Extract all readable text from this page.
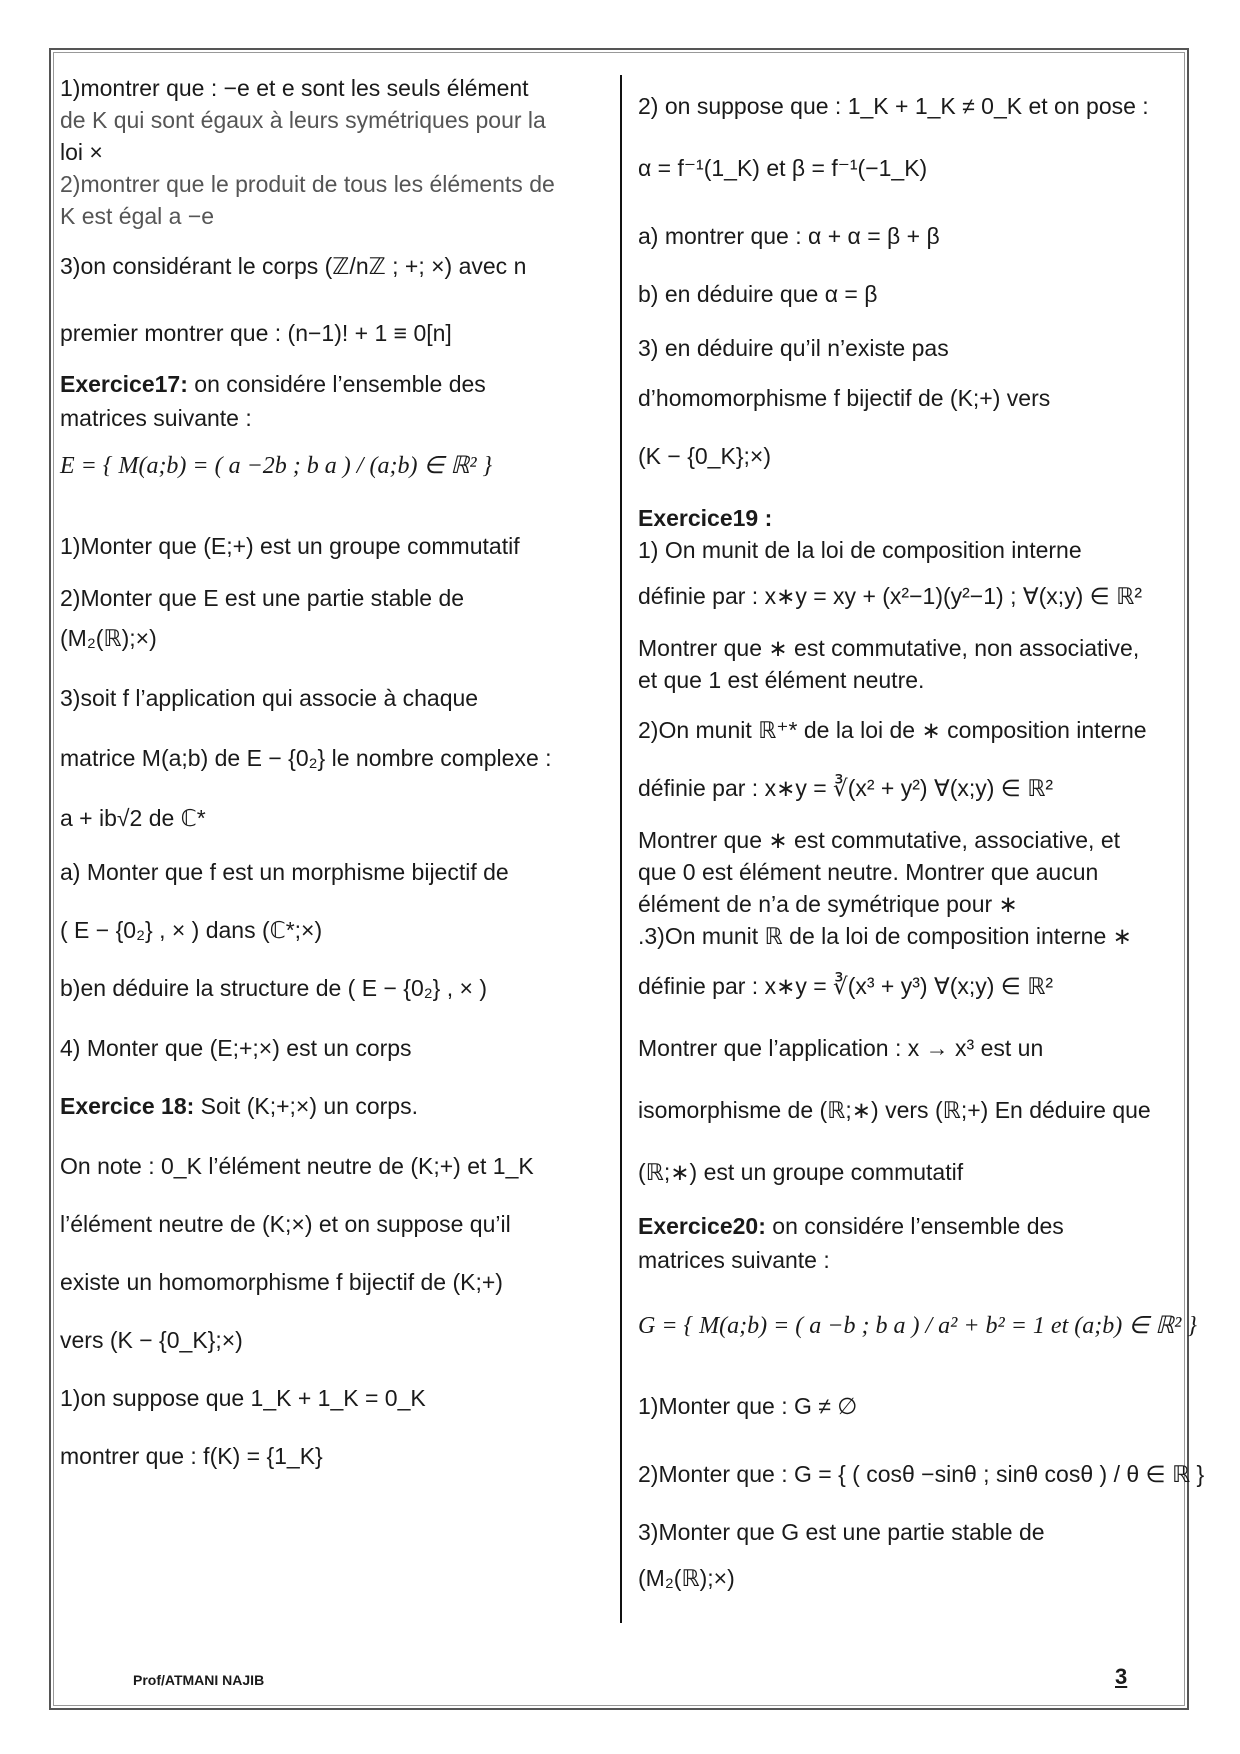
1)montrer que : −e et e sont les seuls élément
de K qui sont égaux à leurs symétriques pour la
loi ×
2)montrer que le produit de tous les éléments de
K est égal a −e
3)on considérant le corps (ℤ/nℤ ; +; ×) avec n
premier montrer que : (n−1)! + 1 ≡ 0[n]
Exercice17: on considére l’ensemble des
matrices suivante :
E = { M(a;b) = ( a −2b ; b a ) / (a;b) ∈ ℝ² }
1)Monter que (E;+) est un groupe commutatif
2)Monter que E est une partie stable de
(M₂(ℝ);×)
3)soit f l’application qui associe à chaque
matrice M(a;b) de E − {0₂} le nombre complexe :
a + ib√2 de ℂ*
a) Monter que f est un morphisme bijectif de
( E − {0₂} , × ) dans (ℂ*;×)
b)en déduire la structure de ( E − {0₂} , × )
4) Monter que (E;+;×) est un corps
Exercice 18: Soit (K;+;×) un corps.
On note : 0_K l’élément neutre de (K;+) et 1_K
l’élément neutre de (K;×) et on suppose qu’il
existe un homomorphisme f bijectif de (K;+)
vers (K − {0_K};×)
1)on suppose que 1_K + 1_K = 0_K
montrer que : f(K) = {1_K}
2) on suppose que : 1_K + 1_K ≠ 0_K et on pose :
α = f⁻¹(1_K) et β = f⁻¹(−1_K)
a) montrer que : α + α = β + β
b) en déduire que α = β
3) en déduire qu’il n’existe pas
d’homomorphisme f bijectif de (K;+) vers
(K − {0_K};×)
Exercice19 :
1) On munit de la loi de composition interne
définie par : x∗y = xy + (x²−1)(y²−1) ; ∀(x;y) ∈ ℝ²
Montrer que ∗ est commutative, non associative,
et que 1 est élément neutre.
2)On munit ℝ⁺* de la loi de ∗ composition interne
définie par : x∗y = ∛(x² + y²) ∀(x;y) ∈ ℝ²
Montrer que ∗ est commutative, associative, et
que 0 est élément neutre. Montrer que aucun
élément de n’a de symétrique pour ∗
.3)On munit ℝ de la loi de composition interne ∗
définie par : x∗y = ∛(x³ + y³) ∀(x;y) ∈ ℝ²
Montrer que l’application : x → x³ est un
isomorphisme de (ℝ;∗) vers (ℝ;+) En déduire que
(ℝ;∗) est un groupe commutatif
Exercice20: on considére l’ensemble des
matrices suivante :
G = { M(a;b) = ( a −b ; b a ) / a² + b² = 1 et (a;b) ∈ ℝ² }
1)Monter que : G ≠ ∅
2)Monter que : G = { ( cosθ −sinθ ; sinθ cosθ ) / θ ∈ ℝ }
3)Monter que G est une partie stable de
(M₂(ℝ);×)
Prof/ATMANI NAJIB	3
